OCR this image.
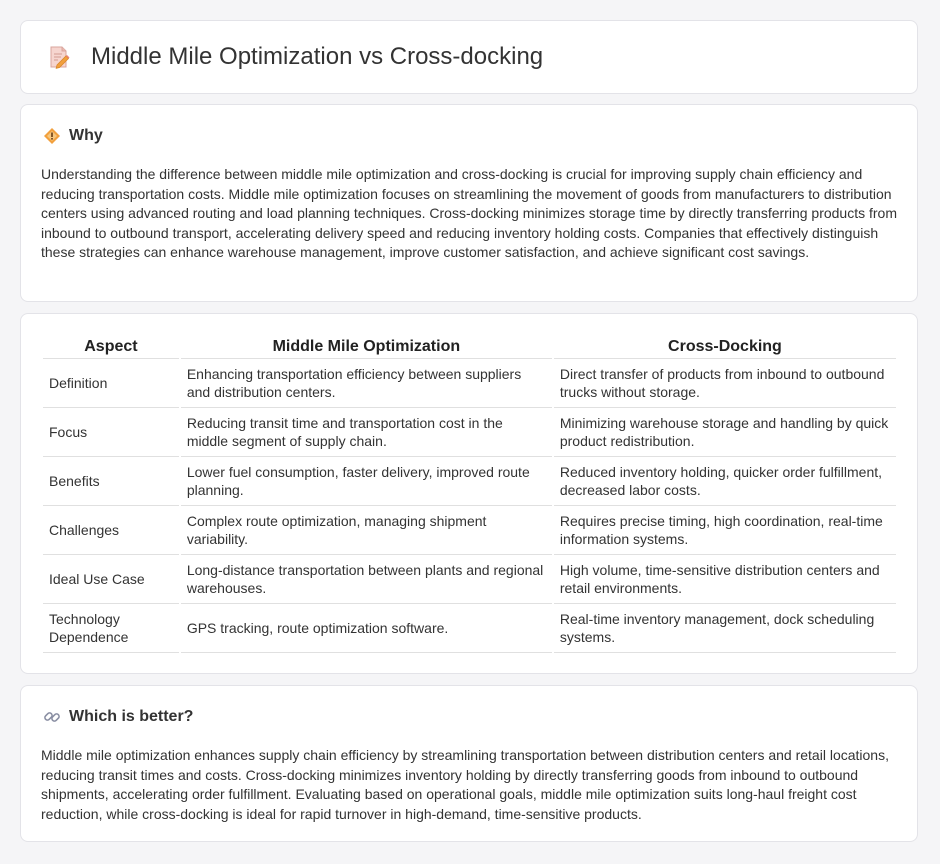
Middle Mile Optimization vs Cross-docking
Why

Understanding the difference between middle mile optimization and cross-docking is crucial for improving supply chain efficiency and reducing transportation costs. Middle mile optimization focuses on streamlining the movement of goods from manufacturers to distribution centers using advanced routing and load planning techniques. Cross-docking minimizes storage time by directly transferring products from inbound to outbound transport, accelerating delivery speed and reducing inventory holding costs. Companies that effectively distinguish these strategies can enhance warehouse management, improve customer satisfaction, and achieve significant cost savings.

Aspect	Middle Mile Optimization	Cross-Docking
Definition	Enhancing transportation efficiency between suppliers and distribution centers.	Direct transfer of products from inbound to outbound trucks without storage.
Focus	Reducing transit time and transportation cost in the middle segment of supply chain.	Minimizing warehouse storage and handling by quick product redistribution.
Benefits	Lower fuel consumption, faster delivery, improved route planning.	Reduced inventory holding, quicker order fulfillment, decreased labor costs.
Challenges	Complex route optimization, managing shipment variability.	Requires precise timing, high coordination, real-time information systems.
Ideal Use Case	Long-distance transportation between plants and regional warehouses.	High volume, time-sensitive distribution centers and retail environments.
Technology Dependence	GPS tracking, route optimization software.	Real-time inventory management, dock scheduling systems.
Which is better?

Middle mile optimization enhances supply chain efficiency by streamlining transportation between distribution centers and retail locations, reducing transit times and costs. Cross-docking minimizes inventory holding by directly transferring goods from inbound to outbound shipments, accelerating order fulfillment. Evaluating based on operational goals, middle mile optimization suits long-haul freight cost reduction, while cross-docking is ideal for rapid turnover in high-demand, time-sensitive products.
